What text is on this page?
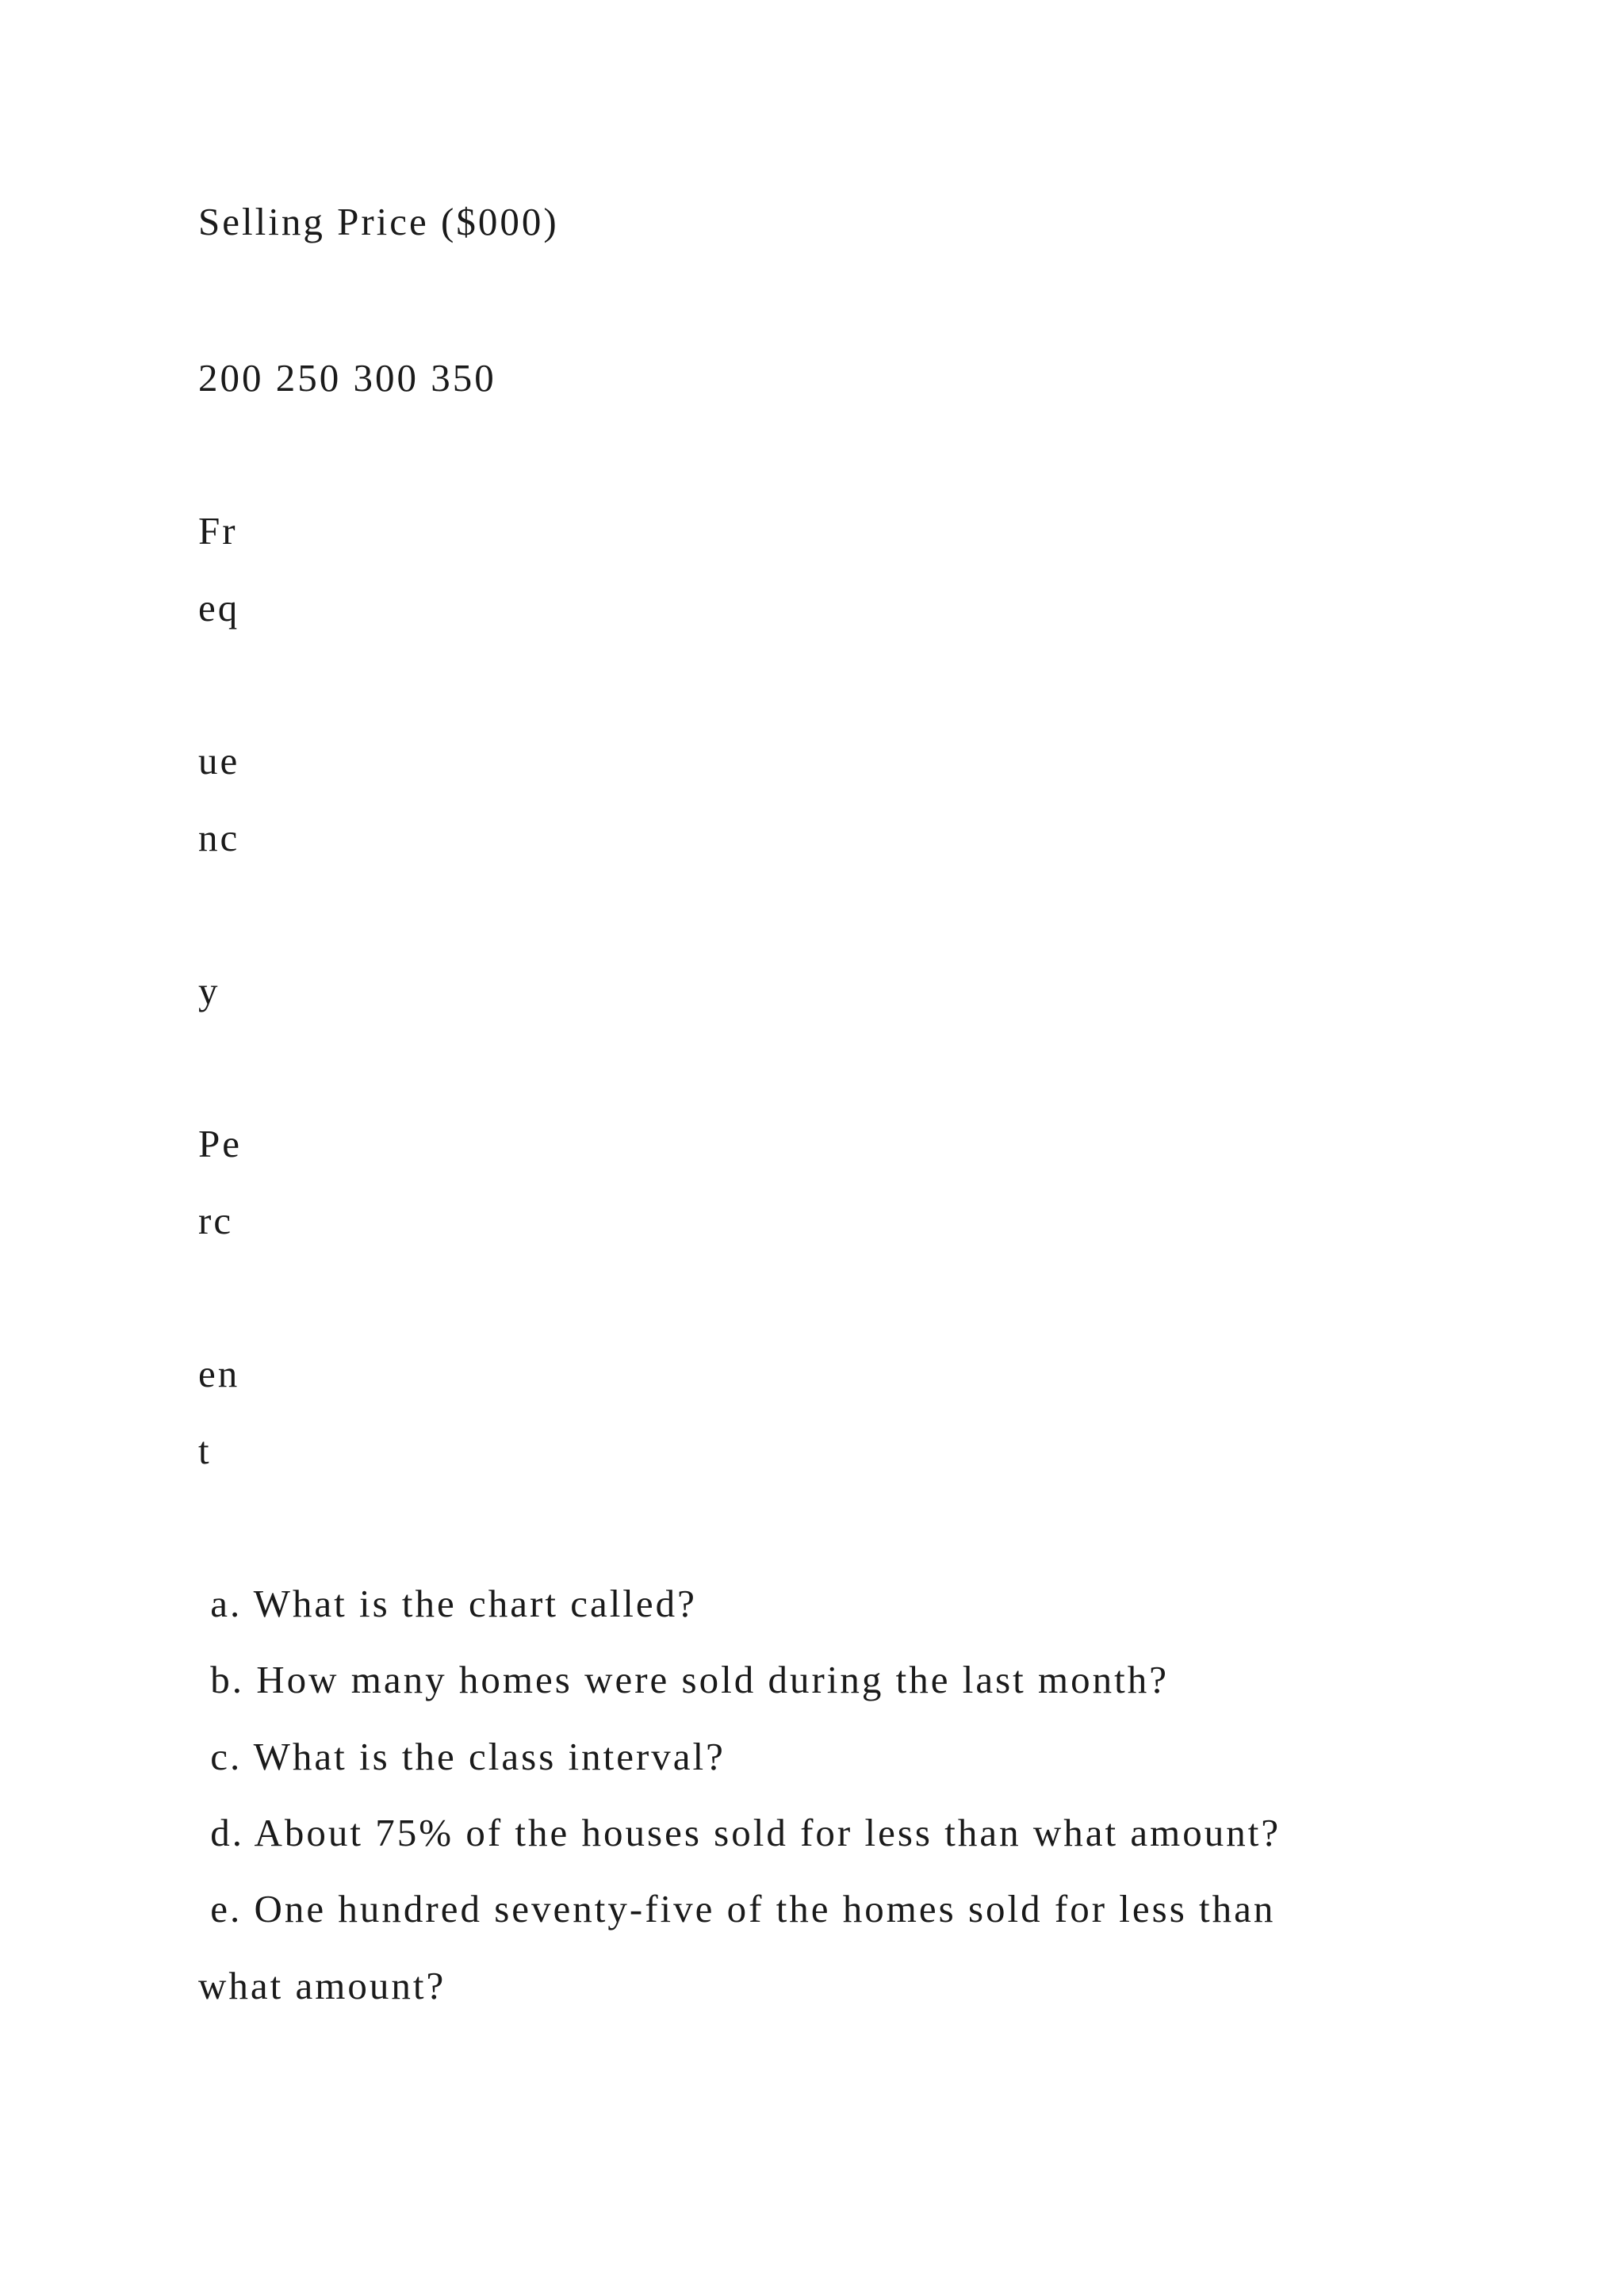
Selling Price ($000)
200 250 300 350
Fr
eq
ue
nc
y
Pe
rc
en
t
a. What is the chart called?
b. How many homes were sold during the last month?
c. What is the class interval?
d. About 75% of the houses sold for less than what amount?
e. One hundred seventy-five of the homes sold for less than
what amount?
